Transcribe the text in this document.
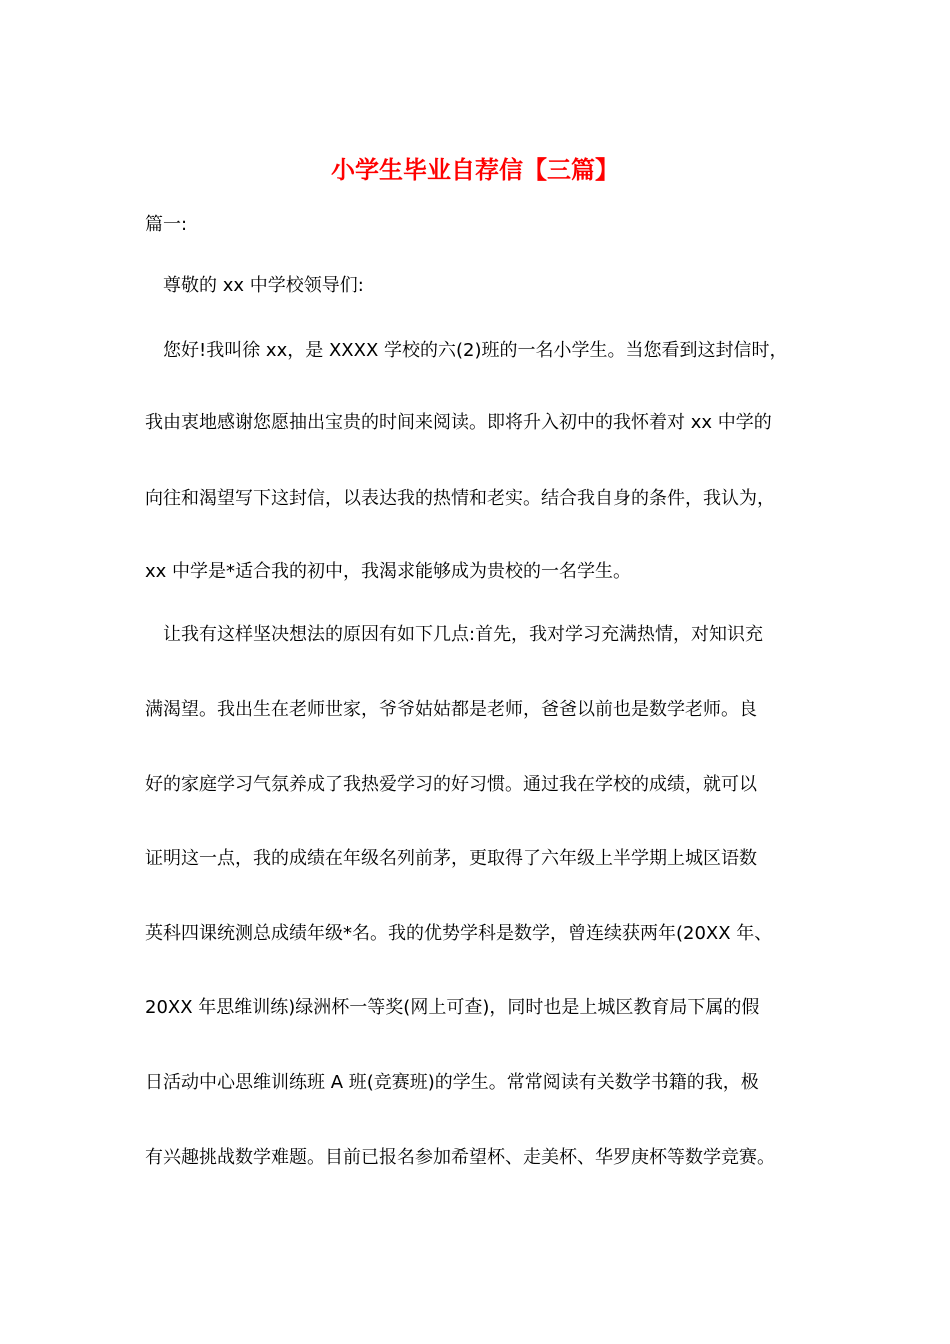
小学生毕业自荐信【三篇】
篇一:
尊敬的 xx 中学校领导们:
您好!我叫徐 xx，是 XXXX 学校的六(2)班的一名小学生。当您看到这封信时，
我由衷地感谢您愿抽出宝贵的时间来阅读。即将升入初中的我怀着对 xx 中学的
向往和渴望写下这封信，以表达我的热情和老实。结合我自身的条件，我认为，
xx 中学是*适合我的初中，我渴求能够成为贵校的一名学生。
让我有这样坚决想法的原因有如下几点:首先，我对学习充满热情，对知识充
满渴望。我出生在老师世家，爷爷姑姑都是老师，爸爸以前也是数学老师。良
好的家庭学习气氛养成了我热爱学习的好习惯。通过我在学校的成绩，就可以
证明这一点，我的成绩在年级名列前茅，更取得了六年级上半学期上城区语数
英科四课统测总成绩年级*名。我的优势学科是数学，曾连续获两年(20XX 年、
20XX 年思维训练)绿洲杯一等奖(网上可查)，同时也是上城区教育局下属的假
日活动中心思维训练班 A 班(竞赛班)的学生。常常阅读有关数学书籍的我，极
有兴趣挑战数学难题。目前已报名参加希望杯、走美杯、华罗庚杯等数学竞赛。
